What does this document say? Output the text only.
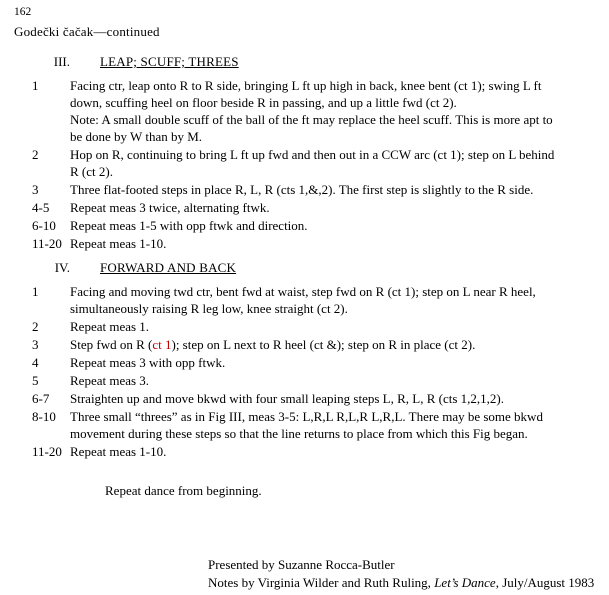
162
Godečki čačak—continued
III. LEAP; SCUFF; THREES
1	Facing ctr, leap onto R to R side, bringing L ft up high in back, knee bent (ct 1); swing L ft
down, scuffing heel on floor beside R in passing, and up a little fwd (ct 2).
Note: A small double scuff of the ball of the ft may replace the heel scuff. This is more apt to
be done by W than by M.
2	Hop on R, continuing to bring L ft up fwd and then out in a CCW arc (ct 1); step on L behind
R (ct 2).
3	Three flat-footed steps in place R, L, R (cts 1,&,2). The first step is slightly to the R side.
4-5	Repeat meas 3 twice, alternating ftwk.
6-10	Repeat meas 1-5 with opp ftwk and direction.
11-20 Repeat meas 1-10.
IV. FORWARD AND BACK
1	Facing and moving twd ctr, bent fwd at waist, step fwd on R (ct 1); step on L near R heel,
simultaneously raising R leg low, knee straight (ct 2).
2	Repeat meas 1.
3	Step fwd on R (ct 1); step on L next to R heel (ct &); step on R in place (ct 2).
4	Repeat meas 3 with opp ftwk.
5	Repeat meas 3.
6-7	Straighten up and move bkwd with four small leaping steps L, R, L, R (cts 1,2,1,2).
8-10	Three small “threes” as in Fig III, meas 3-5: L,R,L R,L,R L,R,L. There may be some bkwd
movement during these steps so that the line returns to place from which this Fig began.
11-20 Repeat meas 1-10.
Repeat dance from beginning.
Presented by Suzanne Rocca-Butler
Notes by Virginia Wilder and Ruth Ruling, Let’s Dance, July/August 1983
